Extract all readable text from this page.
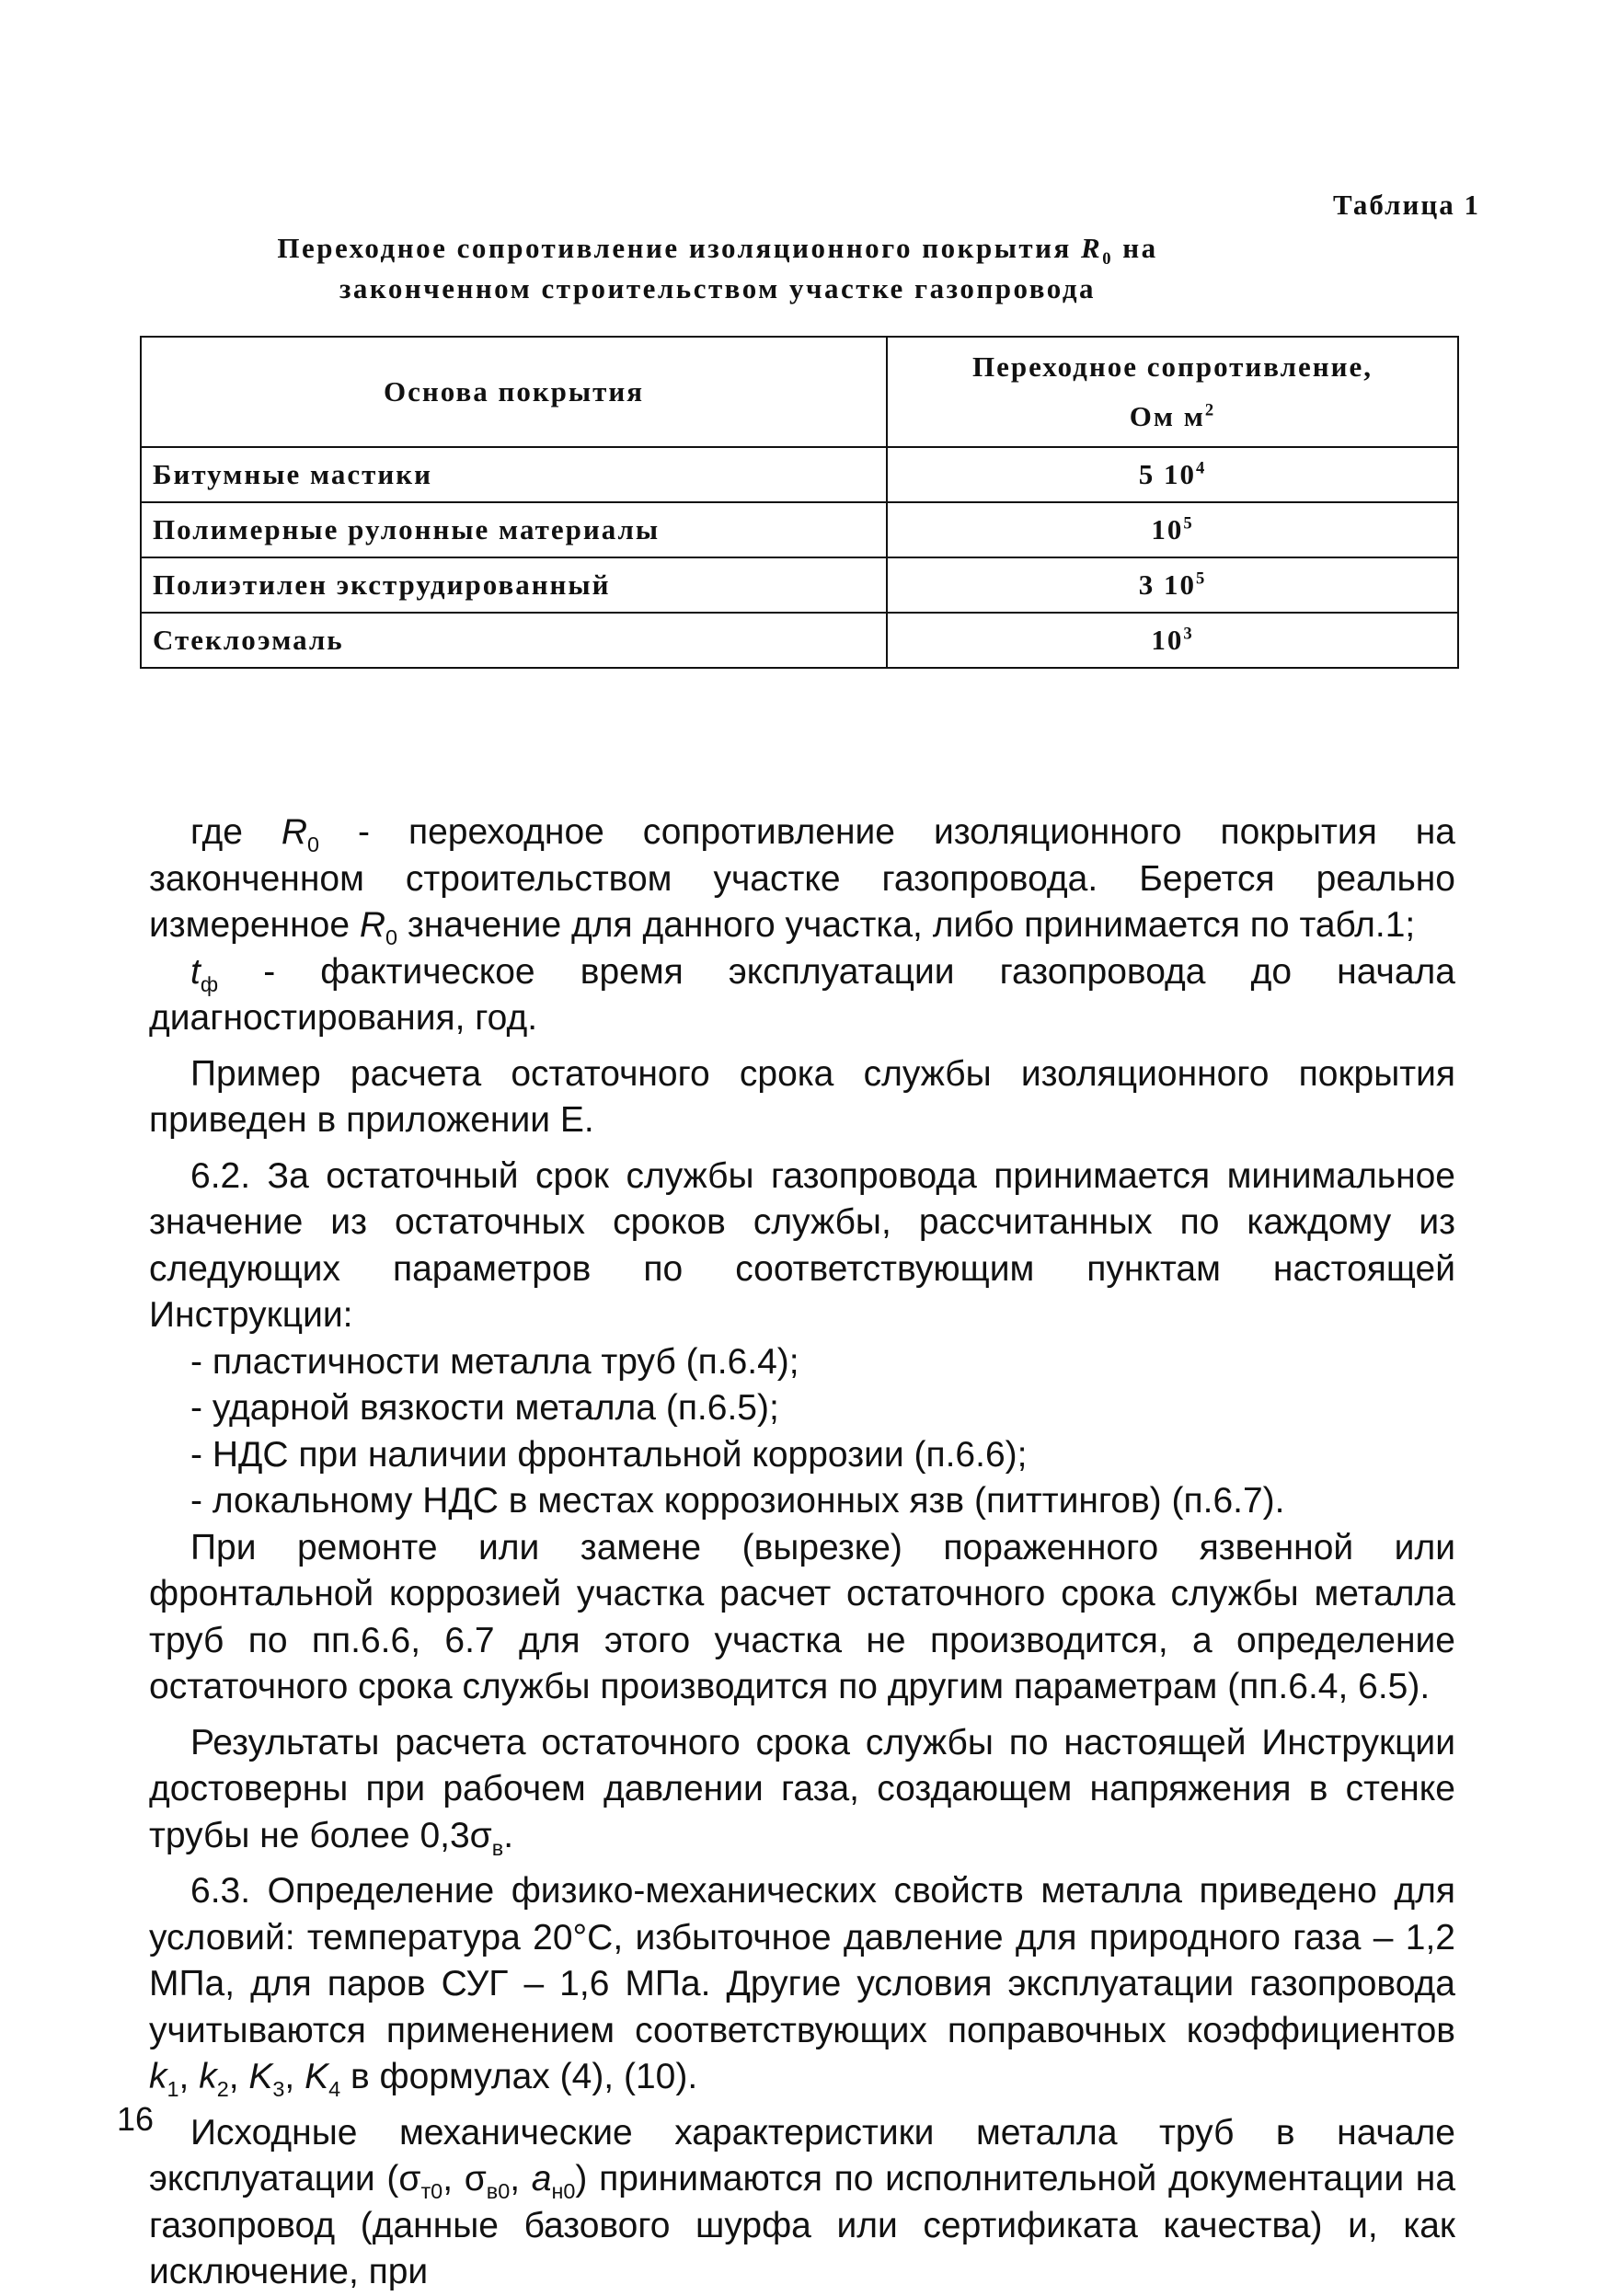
Таблица 1
Переходное сопротивление изоляционного покрытия $R_0$ на
законченном строительством участке газопровода
Основа покрытия	Переходное сопротивление,
Ом $м^2$
Битумные мастики	5 $10^4$
Полимерные рулонные материалы	$10^5$
Полиэтилен экструдированный	3 $10^5$
Стеклоэмаль	$10^3$

где $R_0$ - переходное сопротивление изоляционного покрытия на законченном строительством участке газопровода. Берется реально измеренное $R_0$ значение для данного участка, либо принимается по табл.1;

$t_ф$ - фактическое время эксплуатации газопровода до начала диагностирования, год.

Пример расчета остаточного срока службы изоляционного покрытия приведен в приложении Е.

6.2. За остаточный срок службы газопровода принимается минимальное значение из остаточных сроков службы, рассчитанных по каждому из следующих параметров по соответствующим пунктам настоящей Инструкции:

- пластичности металла труб (п.6.4);

- ударной вязкости металла (п.6.5);

- НДС при наличии фронтальной коррозии (п.6.6);

- локальному НДС в местах коррозионных язв (питтингов) (п.6.7).

При ремонте или замене (вырезке) пораженного язвенной или фронтальной коррозией участка расчет остаточного срока службы металла труб по пп.6.6, 6.7 для этого участка не производится, а определение остаточного срока службы производится по другим параметрам (пп.6.4, 6.5).

Результаты расчета остаточного срока службы по настоящей Инструкции достоверны при рабочем давлении газа, создающем напряжения в стенке трубы не более $0,3\sigma_в$.

6.3. Определение физико-механических свойств металла приведено для условий: температура 20°С, избыточное давление для природного газа – 1,2 МПа, для паров СУГ – 1,6 МПа. Другие условия эксплуатации газопровода учитываются применением соответствующих поправочных коэффициентов $k_1$, $k_2$, $K_3$, $K_4$ в формулах (4), (10).

Исходные механические характеристики металла труб в начале эксплуатации ($\sigma_{т0}$, $\sigma_{в0}$, $a_{н0}$) принимаются по исполнительной документации на газопровод (данные базового шурфа или сертификата качества) и, как исключение, при

16
